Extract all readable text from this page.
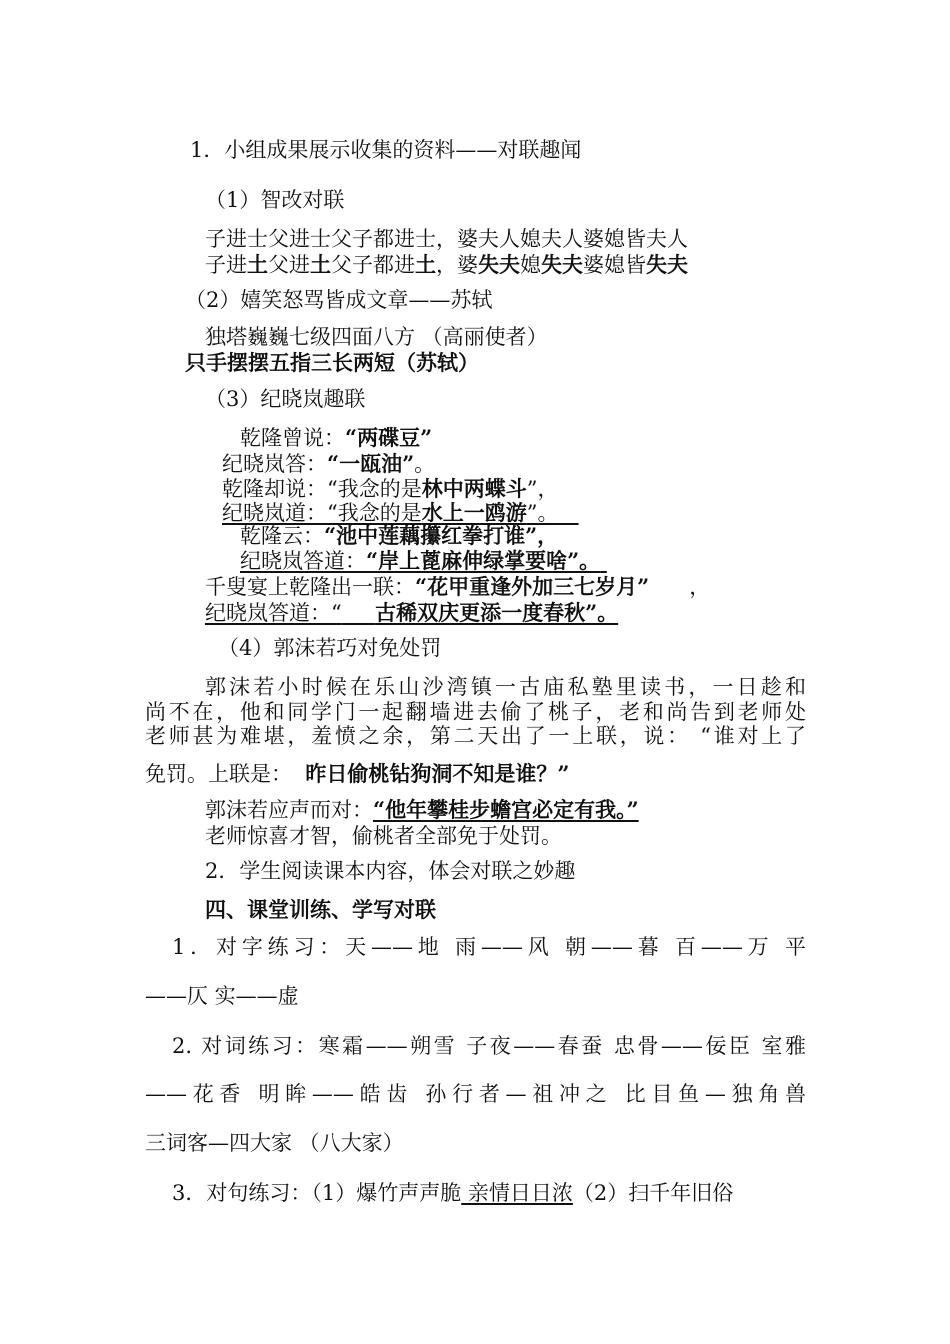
1．小组成果展示收集的资料——对联趣闻
（1）智改对联
子进士父进士父子都进士，婆夫人媳夫人婆媳皆夫人
子进土父进土父子都进土，婆失夫媳失夫婆媳皆失夫
（2）嬉笑怒骂皆成文章——苏轼
独塔巍巍七级四面八方 （高丽使者）
只手摆摆五指三长两短（苏轼）
（3）纪晓岚趣联
乾隆曾说：“两碟豆”
纪晓岚答：“一瓯油”。
乾隆却说：“我念的是林中两蝶斗”，
纪晓岚道：“我念的是水上一鸥游”。
乾隆云：“池中莲藕攥红拳打谁”，
纪晓岚答道：“岸上蓖麻伸绿掌要啥”。
千叟宴上乾隆出一联：“花甲重逢外加三七岁月” ，
纪晓岚答道：“ 古稀双庆更添一度春秋”。
（4）郭沫若巧对免处罚
郭沫若小时候在乐山沙湾镇一古庙私塾里读书，一日趁和
尚不在，他和同学门一起翻墙进去偷了桃子，老和尚告到老师处
老师甚为难堪，羞愤之余，第二天出了一上联，说： “谁对上了
免罚。上联是： 昨日偷桃钻狗洞不知是谁？”
郭沫若应声而对：“他年攀桂步蟾宫必定有我。”
老师惊喜才智，偷桃者全部免于处罚。
2．学生阅读课本内容，体会对联之妙趣
四、课堂训练、学写对联
1．对字练习：天——地 雨——风 朝——暮 百——万 平
——仄 实——虚
2. 对词练习：寒霜——朔雪 子夜——春蚕 忠骨——佞臣 室雅
——花香 明眸——皓齿 孙行者—祖冲之 比目鱼—独角兽
三词客—四大家 （八大家）
3．对句练习：（1）爆竹声声脆 亲情日日浓（2）扫千年旧俗
